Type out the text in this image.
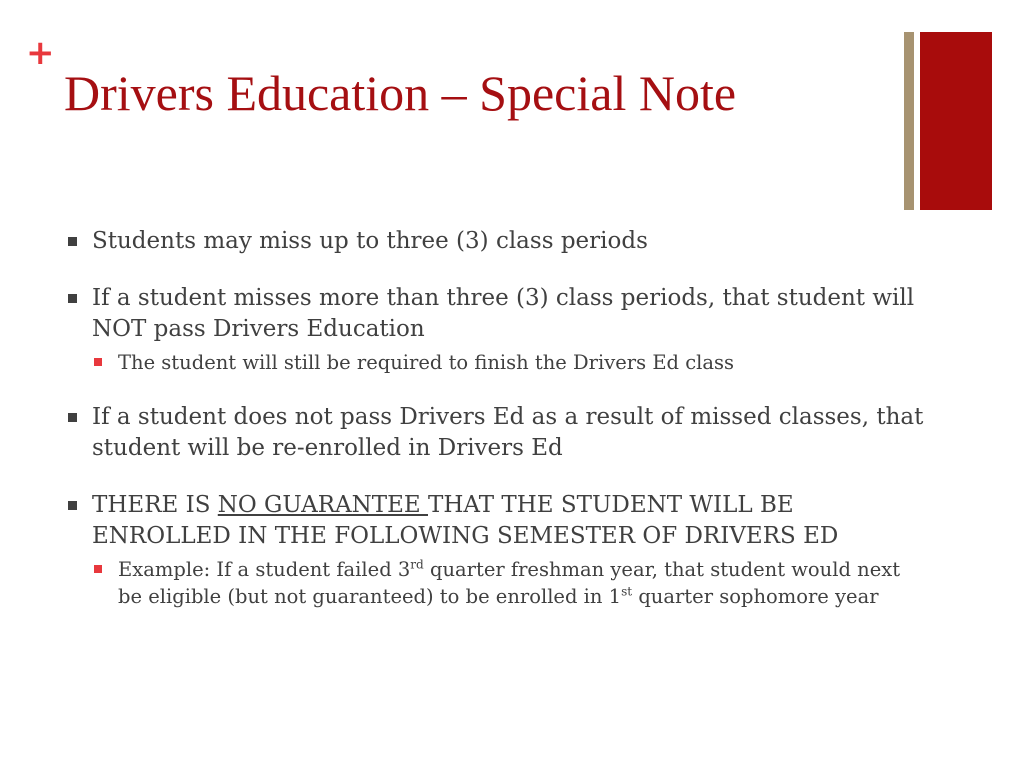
+
Drivers Education – Special Note
Students may miss up to three (3) class periods
If a student misses more than three (3) class periods, that student will NOT pass Drivers Education
The student will still be required to finish the Drivers Ed class
If a student does not pass Drivers Ed as a result of missed classes, that student will be re-enrolled in Drivers Ed
THERE IS NO GUARANTEE THAT THE STUDENT WILL BE ENROLLED IN THE FOLLOWING SEMESTER OF DRIVERS ED
Example: If a student failed 3rd quarter freshman year, that student would next be eligible (but not guaranteed) to be enrolled in 1st quarter sophomore year
